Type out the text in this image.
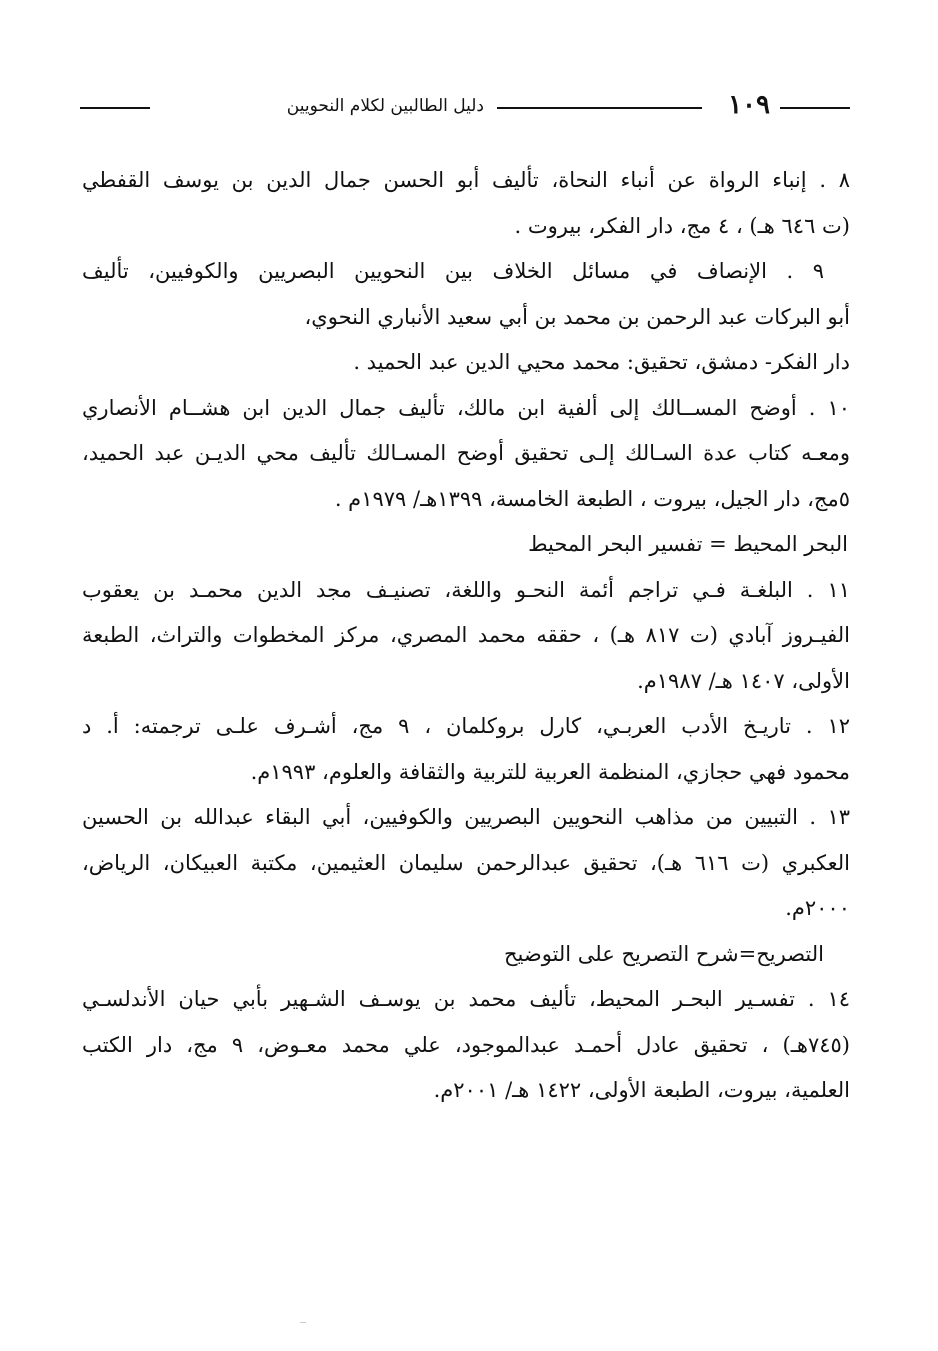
١٠٩
دليل الطالبين لكلام النحويين
٨ . إنباء الرواة عن أنباء النحاة، تأليف أبو الحسن جمال الدين بن يوسف القفطي
(ت ٦٤٦ هـ) ، ٤ مج، دار الفكر، بيروت .
٩ . الإنصاف في مسائل الخلاف بين النحويين البصريين والكوفيين، تأليف
أبو البركات عبد الرحمن بن محمد بن أبي سعيد الأنباري النحوي،
دار الفكر- دمشق، تحقيق: محمد محيي الدين عبد الحميد .
١٠ . أوضح المســالك إلى ألفية ابن مالك، تأليف جمال الدين ابن هشــام الأنصاري
ومعـه كتاب عدة السـالك إلـى تحقيق أوضح المسـالك تأليف محي الديـن عبد الحميد،
٥مج، دار الجيل، بيروت ، الطبعة الخامسة، ١٣٩٩هـ/ ١٩٧٩م .
البحر المحيط = تفسير البحر المحيط
١١ . البلغـة فـي تراجم أئمة النحـو واللغة، تصنيـف مجد الدين محمـد بن يعقوب
الفيـروز آبادي (ت ٨١٧ هـ) ، حققه محمد المصري، مركز المخطوات والتراث، الطبعة
الأولى، ١٤٠٧ هـ/ ١٩٨٧م.
١٢ . تاريـخ الأدب العربـي، كارل بروكلمان ، ٩ مج، أشـرف علـى ترجمته: أ. د
محمود فهي حجازي، المنظمة العربية للتربية والثقافة والعلوم، ١٩٩٣م.
١٣ . التبيين من مذاهب النحويين البصريين والكوفيين، أبي البقاء عبدالله بن الحسين
العكبري (ت ٦١٦ هـ)، تحقيق عبدالرحمن سليمان العثيمين، مكتبة العبيكان، الرياض،
٢٠٠٠م.
التصريح=شرح التصريح على التوضيح
١٤ . تفسـير البحـر المحيط، تأليف محمد بن يوسـف الشـهير بأبي حيان الأندلسـي
(٧٤٥هـ) ، تحقيق عادل أحمـد عبدالموجود، علي محمد معـوض، ٩ مج، دار الكتب
العلمية، بيروت، الطبعة الأولى، ١٤٢٢ هـ/ ٢٠٠١م.
